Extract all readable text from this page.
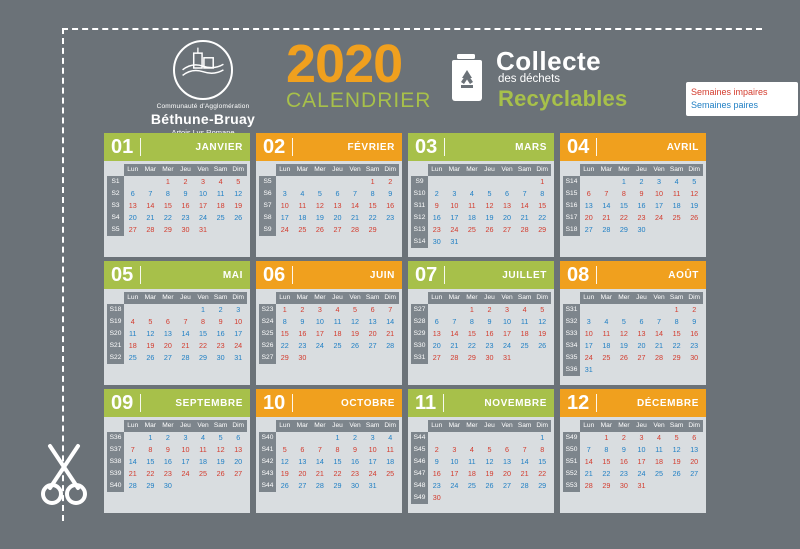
Communauté d'Agglomération
Béthune-Bruay
2020
CALENDRIER
Collecte
des déchets
Recyclables	Semaines impaires
Semaines paires
01	JANVIER
	Lun	Mar	Mer	Jeu	Ven	Sam	Dim
S1			1	2	3	4	5
S2	6	7	8	9	10	11	12
S3	13	14	15	16	17	18	19
S4	20	21	22	23	24	25	26
S5	27	28	29	30	31		
02	FÉVRIER
	Lun	Mar	Mer	Jeu	Ven	Sam	Dim
S5						1	2
S6	3	4	5	6	7	8	9
S7	10	11	12	13	14	15	16
S8	17	18	19	20	21	22	23
S9	24	25	26	27	28	29	
03	MARS
	Lun	Mar	Mer	Jeu	Ven	Sam	Dim
S9							1
S10	2	3	4	5	6	7	8
S11	9	10	11	12	13	14	15
S12	16	17	18	19	20	21	22
S13	23	24	25	26	27	28	29
S14	30	31					
04	AVRIL
	Lun	Mar	Mer	Jeu	Ven	Sam	Dim
S14			1	2	3	4	5
S15	6	7	8	9	10	11	12
S16	13	14	15	16	17	18	19
S17	20	21	22	23	24	25	26
S18	27	28	29	30			
05	MAI
	Lun	Mar	Mer	Jeu	Ven	Sam	Dim
S18					1	2	3
S19	4	5	6	7	8	9	10
S20	11	12	13	14	15	16	17
S21	18	19	20	21	22	23	24
S22	25	26	27	28	29	30	31
06	JUIN
	Lun	Mar	Mer	Jeu	Ven	Sam	Dim
S23	1	2	3	4	5	6	7
S24	8	9	10	11	12	13	14
S25	15	16	17	18	19	20	21
S26	22	23	24	25	26	27	28
S27	29	30					
07	JUILLET
	Lun	Mar	Mer	Jeu	Ven	Sam	Dim
S27			1	2	3	4	5
S28	6	7	8	9	10	11	12
S29	13	14	15	16	17	18	19
S30	20	21	22	23	24	25	26
S31	27	28	29	30	31		
08	AOÛT
	Lun	Mar	Mer	Jeu	Ven	Sam	Dim
S31						1	2
S32	3	4	5	6	7	8	9
S33	10	11	12	13	14	15	16
S34	17	18	19	20	21	22	23
S35	24	25	26	27	28	29	30
S36	31						
09	SEPTEMBRE
	Lun	Mar	Mer	Jeu	Ven	Sam	Dim
S36		1	2	3	4	5	6
S37	7	8	9	10	11	12	13
S38	14	15	16	17	18	19	20
S39	21	22	23	24	25	26	27
S40	28	29	30				
10	OCTOBRE
	Lun	Mar	Mer	Jeu	Ven	Sam	Dim
S40				1	2	3	4
S41	5	6	7	8	9	10	11
S42	12	13	14	15	16	17	18
S43	19	20	21	22	23	24	25
S44	26	27	28	29	30	31	
11	NOVEMBRE
	Lun	Mar	Mer	Jeu	Ven	Sam	Dim
S44							1
S45	2	3	4	5	6	7	8
S46	9	10	11	12	13	14	15
S47	16	17	18	19	20	21	22
S48	23	24	25	26	27	28	29
S49	30						
12	DÉCEMBRE
	Lun	Mar	Mer	Jeu	Ven	Sam	Dim
S49		1	2	3	4	5	6
S50	7	8	9	10	11	12	13
S51	14	15	16	17	18	19	20
S52	21	22	23	24	25	26	27
S53	28	29	30	31			
